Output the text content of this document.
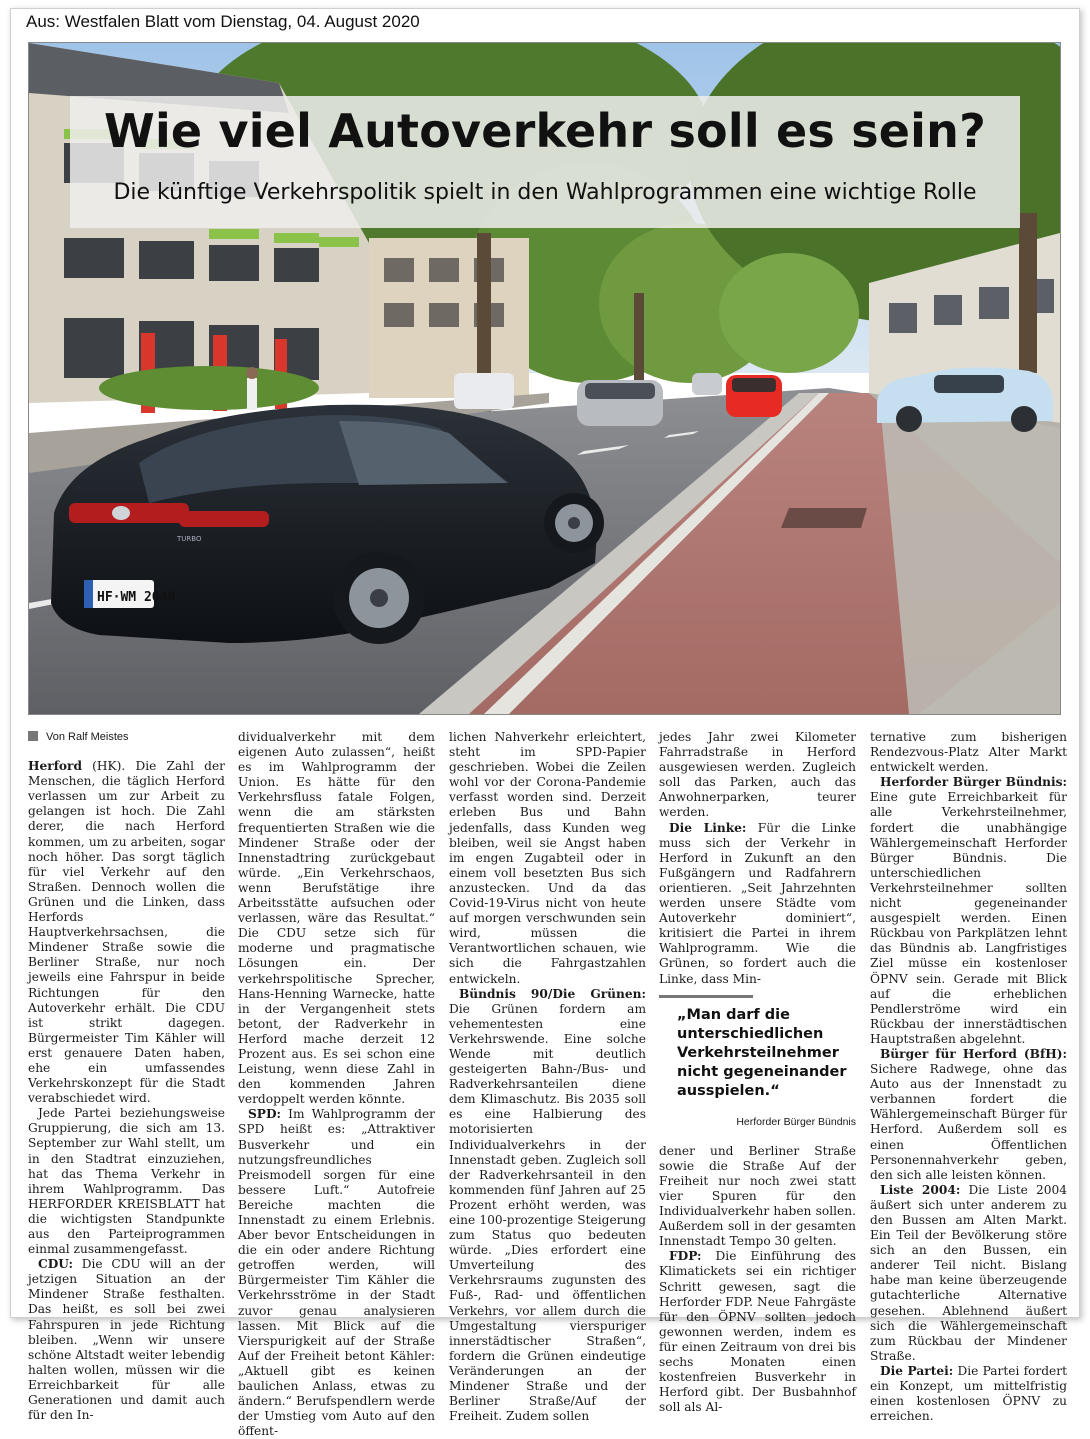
Aus: Westfalen Blatt vom Dienstag, 04. August 2020
HF·WM 2040
TURBO
Wie viel Autoverkehr soll es sein?
Die künftige Verkehrspolitik spielt in den Wahlprogrammen eine wichtige Rolle
Von Ralf Meistes

Herford (HK). Die Zahl der Menschen, die täglich Herford verlassen um zur Arbeit zu gelangen ist hoch. Die Zahl derer, die nach Herford kommen, um zu arbeiten, sogar noch höher. Das sorgt täglich für viel Verkehr auf den Straßen. Dennoch wollen die Grünen und die Linken, dass Herfords Hauptverkehrsachsen, die Mindener Straße sowie die Berliner Straße, nur noch jeweils eine Fahrspur in beide Richtungen für den Autoverkehr erhält. Die CDU ist strikt dagegen. Bürgermeister Tim Kähler will erst genauere Daten haben, ehe ein umfassendes Verkehrskonzept für die Stadt verabschiedet wird.

Jede Partei beziehungsweise Gruppierung, die sich am 13. September zur Wahl stellt, um in den Stadtrat einzuziehen, hat das Thema Verkehr in ihrem Wahlprogramm. Das HERFORDER KREISBLATT hat die wichtigsten Standpunkte aus den Parteiprogrammen einmal zusammengefasst.

CDU: Die CDU will an der jetzigen Situation an der Mindener Straße festhalten. Das heißt, es soll bei zwei Fahrspuren in jede Richtung bleiben. „Wenn wir unsere schöne Altstadt weiter lebendig halten wollen, müssen wir die Erreichbarkeit für alle Generationen und damit auch für den In-

dividualverkehr mit dem eigenen Auto zulassen“, heißt es im Wahlprogramm der Union. Es hätte für den Verkehrsfluss fatale Folgen, wenn die am stärksten frequentierten Straßen wie die Mindener Straße oder der Innenstadtring zurückgebaut würde. „Ein Verkehrschaos, wenn Berufstätige ihre Arbeitsstätte aufsuchen oder verlassen, wäre das Resultat.“ Die CDU setze sich für moderne und pragmatische Lösungen ein. Der verkehrspolitische Sprecher, Hans-Henning Warnecke, hatte in der Vergangenheit stets betont, der Radverkehr in Herford mache derzeit 12 Prozent aus. Es sei schon eine Leistung, wenn diese Zahl in den kommenden Jahren verdoppelt werden könnte.

SPD: Im Wahlprogramm der SPD heißt es: „Attraktiver Busverkehr und ein nutzungsfreundliches Preismodell sorgen für eine bessere Luft.“ Autofreie Bereiche machten die Innenstadt zu einem Erlebnis. Aber bevor Entscheidungen in die ein oder andere Richtung getroffen werden, will Bürgermeister Tim Kähler die Verkehrsströme in der Stadt zuvor genau analysieren lassen. Mit Blick auf die Vierspurigkeit auf der Straße Auf der Freiheit betont Kähler: „Aktuell gibt es keinen baulichen Anlass, etwas zu ändern.“ Berufspendlern werde der Umstieg vom Auto auf den öffent-

lichen Nahverkehr erleichtert, steht im SPD-Papier geschrieben. Wobei die Zeilen wohl vor der Corona-Pandemie verfasst worden sind. Derzeit erleben Bus und Bahn jedenfalls, dass Kunden weg bleiben, weil sie Angst haben im engen Zugabteil oder in einem voll besetzten Bus sich anzustecken. Und da das Covid-19-Virus nicht von heute auf morgen verschwunden sein wird, müssen die Verantwortlichen schauen, wie sich die Fahrgastzahlen entwickeln.

Bündnis 90/Die Grünen: Die Grünen fordern am vehementesten eine Verkehrswende. Eine solche Wende mit deutlich gesteigerten Bahn-/Bus- und Radverkehrsanteilen diene dem Klimaschutz. Bis 2035 soll es eine Halbierung des motorisierten Individualverkehrs in der Innenstadt geben. Zugleich soll der Radverkehrsanteil in den kommenden fünf Jahren auf 25 Prozent erhöht werden, was eine 100-prozentige Steigerung zum Status quo bedeuten würde. „Dies erfordert eine Umverteilung des Verkehrsraums zugunsten des Fuß-, Rad- und öffentlichen Verkehrs, vor allem durch die Umgestaltung vierspuriger innerstädtischer Straßen“, fordern die Grünen eindeutige Veränderungen an der Mindener Straße und der Berliner Straße/Auf der Freiheit. Zudem sollen

jedes Jahr zwei Kilometer Fahrradstraße in Herford ausgewiesen werden. Zugleich soll das Parken, auch das Anwohnerparken, teurer werden.

Die Linke: Für die Linke muss sich der Verkehr in Herford in Zukunft an den Fußgängern und Radfahrern orientieren. „Seit Jahrzehnten werden unsere Städte vom Autoverkehr dominiert“, kritisiert die Partei in ihrem Wahlprogramm. Wie die Grünen, so fordert auch die Linke, dass Min-

„Man darf die unterschiedlichen Verkehrsteilnehmer nicht gegeneinander ausspielen.“
Herforder Bürger Bündnis

dener und Berliner Straße sowie die Straße Auf der Freiheit nur noch zwei statt vier Spuren für den Individualverkehr haben sollen. Außerdem soll in der gesamten Innenstadt Tempo 30 gelten.

FDP: Die Einführung des Klimatickets sei ein richtiger Schritt gewesen, sagt die Herforder FDP. Neue Fahrgäste für den ÖPNV sollten jedoch gewonnen werden, indem es für einen Zeitraum von drei bis sechs Monaten einen kostenfreien Busverkehr in Herford gibt. Der Busbahnhof soll als Al-

ternative zum bisherigen Rendezvous-Platz Alter Markt entwickelt werden.

Herforder Bürger Bündnis: Eine gute Erreichbarkeit für alle Verkehrsteilnehmer, fordert die unabhängige Wählergemeinschaft Herforder Bürger Bündnis. Die unterschiedlichen Verkehrsteilnehmer sollten nicht gegeneinander ausgespielt werden. Einen Rückbau von Parkplätzen lehnt das Bündnis ab. Langfristiges Ziel müsse ein kostenloser ÖPNV sein. Gerade mit Blick auf die erheblichen Pendlerströme wird ein Rückbau der innerstädtischen Hauptstraßen abgelehnt.

Bürger für Herford (BfH): Sichere Radwege, ohne das Auto aus der Innenstadt zu verbannen fordert die Wählergemeinschaft Bürger für Herford. Außerdem soll es einen Öffentlichen Personennahverkehr geben, den sich alle leisten können.

Liste 2004: Die Liste 2004 äußert sich unter anderem zu den Bussen am Alten Markt. Ein Teil der Bevölkerung störe sich an den Bussen, ein anderer Teil nicht. Bislang habe man keine überzeugende gutachterliche Alternative gesehen. Ablehnend äußert sich die Wählergemeinschaft zum Rückbau der Mindener Straße.

Die Partei: Die Partei fordert ein Konzept, um mittelfristig einen kostenlosen ÖPNV zu erreichen.
